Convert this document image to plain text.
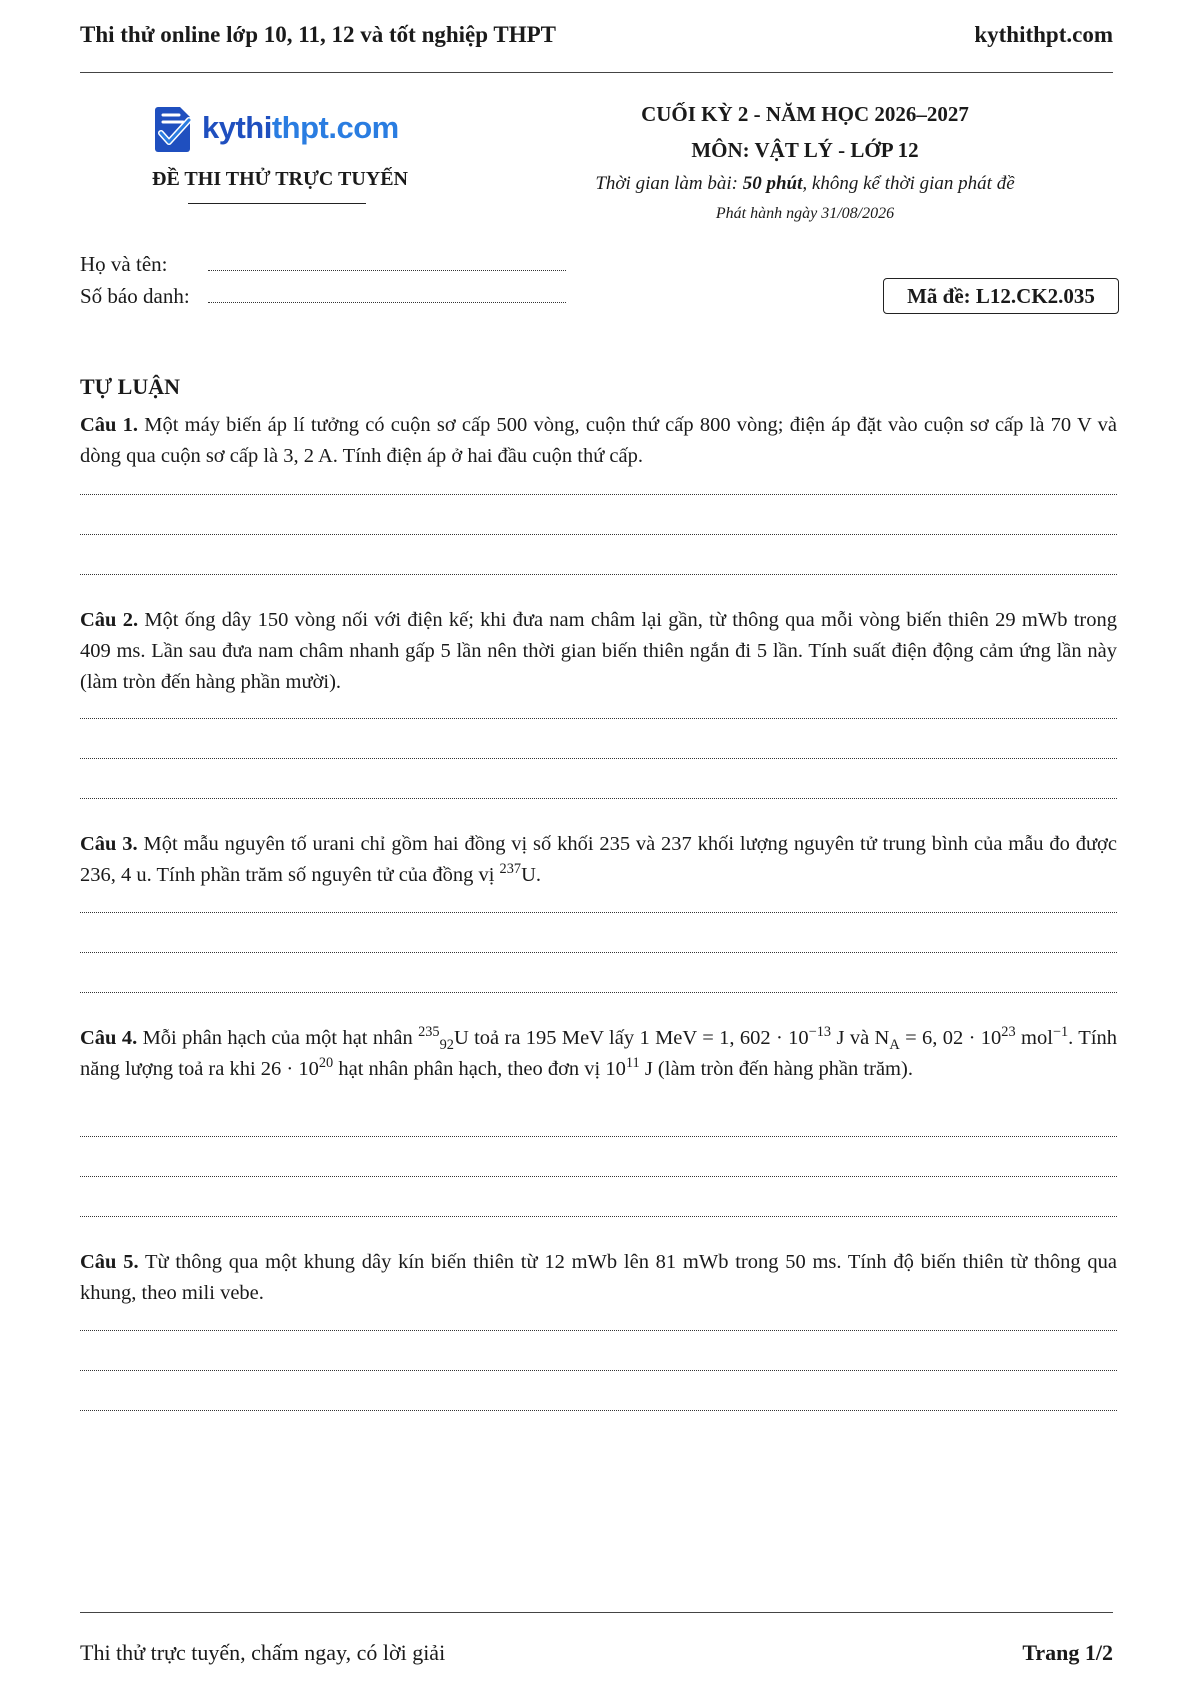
Thi thử online lớp 10, 11, 12 và tốt nghiệp THPT	kythithpt.com
kythithpt.com
ĐỀ THI THỬ TRỰC TUYẾN
CUỐI KỲ 2 - NĂM HỌC 2026–2027
MÔN: VẬT LÝ - LỚP 12
Thời gian làm bài: 50 phút, không kể thời gian phát đề
Phát hành ngày 31/08/2026
Họ và tên:
Số báo danh:	Mã đề: L12.CK2.035
TỰ LUẬN
Câu 1. Một máy biến áp lí tưởng có cuộn sơ cấp 500 vòng, cuộn thứ cấp 800 vòng; điện áp đặt vào cuộn sơ cấp là 70 V và dòng qua cuộn sơ cấp là 3, 2 A. Tính điện áp ở hai đầu cuộn thứ cấp.
Câu 2. Một ống dây 150 vòng nối với điện kế; khi đưa nam châm lại gần, từ thông qua mỗi vòng biến thiên 29 mWb trong 409 ms. Lần sau đưa nam châm nhanh gấp 5 lần nên thời gian biến thiên ngắn đi 5 lần. Tính suất điện động cảm ứng lần này (làm tròn đến hàng phần mười).
Câu 3. Một mẫu nguyên tố urani chỉ gồm hai đồng vị số khối 235 và 237 khối lượng nguyên tử trung bình của mẫu đo được 236, 4 u. Tính phần trăm số nguyên tử của đồng vị $^{237}$U.
Câu 4. Mỗi phân hạch của một hạt nhân $^{235}_{92}$U toả ra 195 MeV lấy 1 MeV = 1, $602 \cdot 10^{-13}$ J và $N_A = 6$, $02 \cdot 10^{23}$ mol$^{-1}$. Tính năng lượng toả ra khi $26 \cdot 10^{20}$ hạt nhân phân hạch, theo đơn vị $10^{11}$ J (làm tròn đến hàng phần trăm).
Câu 5. Từ thông qua một khung dây kín biến thiên từ 12 mWb lên 81 mWb trong 50 ms. Tính độ biến thiên từ thông qua khung, theo mili vebe.
Thi thử trực tuyến, chấm ngay, có lời giải	Trang 1/2
